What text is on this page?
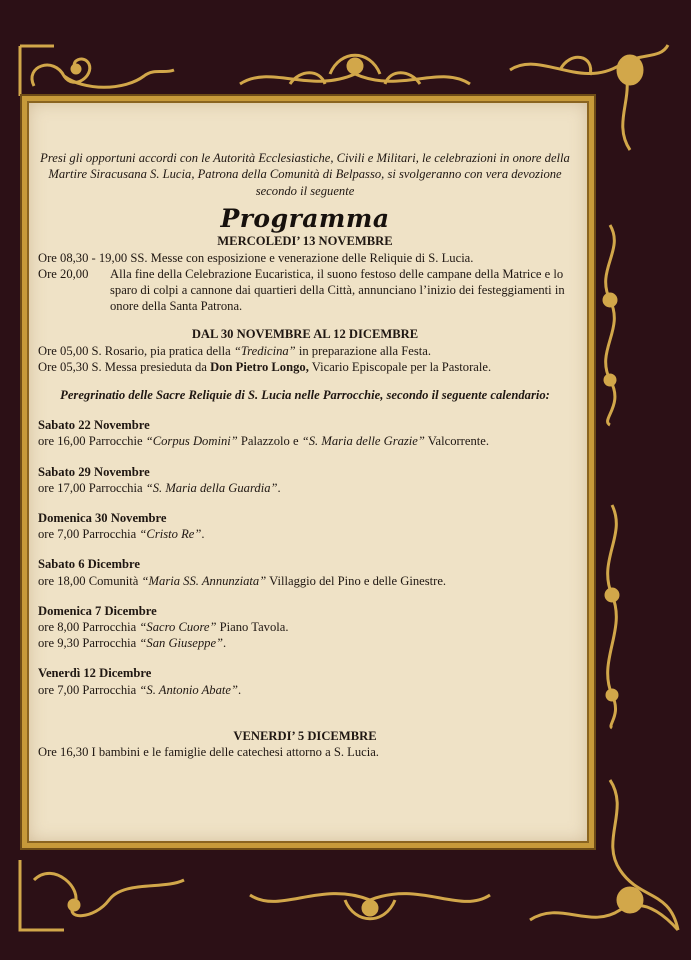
Presi gli opportuni accordi con le Autorità Ecclesiastiche, Civili e Militari, le celebrazioni in onore della Martire Siracusana S. Lucia, Patrona della Comunità di Belpasso, si svolgeranno con vera devozione secondo il seguente

Programma

MERCOLEDI’ 13 NOVEMBRE

Ore 08,30 - 19,00 SS. Messe con esposizione e venerazione delle Reliquie di S. Lucia.

Ore 20,00	Alla fine della Celebrazione Eucaristica, il suono festoso delle campane della Matrice e lo sparo di colpi a cannone dai quartieri della Città, annunciano l’inizio dei festeggiamenti in onore della Santa Patrona.

DAL 30 NOVEMBRE AL 12 DICEMBRE

Ore 05,00 S. Rosario, pia pratica della “Tredicina” in preparazione alla Festa.

Ore 05,30 S. Messa presieduta da Don Pietro Longo, Vicario Episcopale per la Pastorale.

Peregrinatio delle Sacre Reliquie di S. Lucia nelle Parrocchie, secondo il seguente calendario:

Sabato 22 Novembre

ore 16,00 Parrocchie “Corpus Domini” Palazzolo e “S. Maria delle Grazie” Valcorrente.

Sabato 29 Novembre

ore 17,00 Parrocchia “S. Maria della Guardia”.

Domenica 30 Novembre

ore 7,00 Parrocchia “Cristo Re”.

Sabato 6 Dicembre

ore 18,00 Comunità “Maria SS. Annunziata” Villaggio del Pino e delle Ginestre.

Domenica 7 Dicembre

ore 8,00 Parrocchia “Sacro Cuore” Piano Tavola.

ore 9,30 Parrocchia “San Giuseppe”.

Venerdì 12 Dicembre

ore 7,00 Parrocchia “S. Antonio Abate”.

VENERDI’ 5 DICEMBRE

Ore 16,30 I bambini e le famiglie delle catechesi attorno a S. Lucia.
